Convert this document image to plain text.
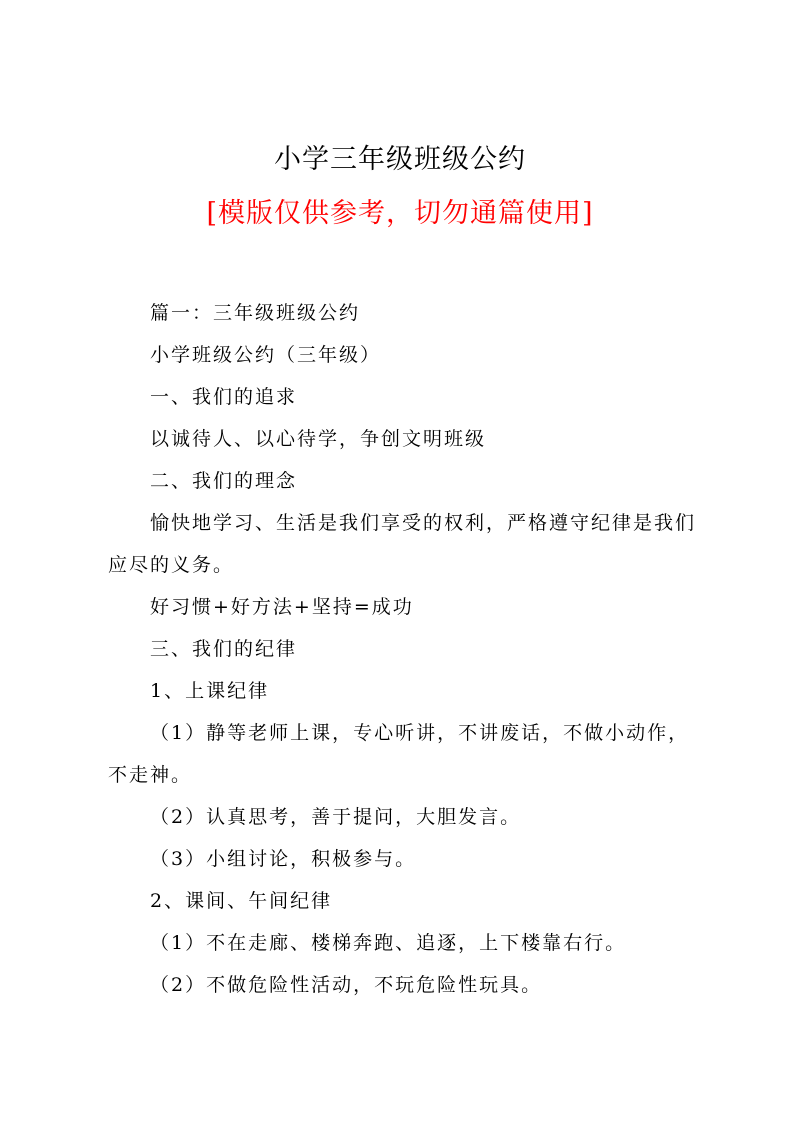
小学三年级班级公约
[模版仅供参考，切勿通篇使用]

篇一：三年级班级公约

小学班级公约（三年级）

一、我们的追求

以诚待人、以心待学，争创文明班级

二、我们的理念

愉快地学习、生活是我们享受的权利，严格遵守纪律是我们应尽的义务。

好习惯+好方法+坚持=成功

三、我们的纪律

1、上课纪律

（1）静等老师上课，专心听讲，不讲废话，不做小动作，不走神。

（2）认真思考，善于提问，大胆发言。

（3）小组讨论，积极参与。

2、课间、午间纪律

（1）不在走廊、楼梯奔跑、追逐，上下楼靠右行。

（2）不做危险性活动，不玩危险性玩具。
